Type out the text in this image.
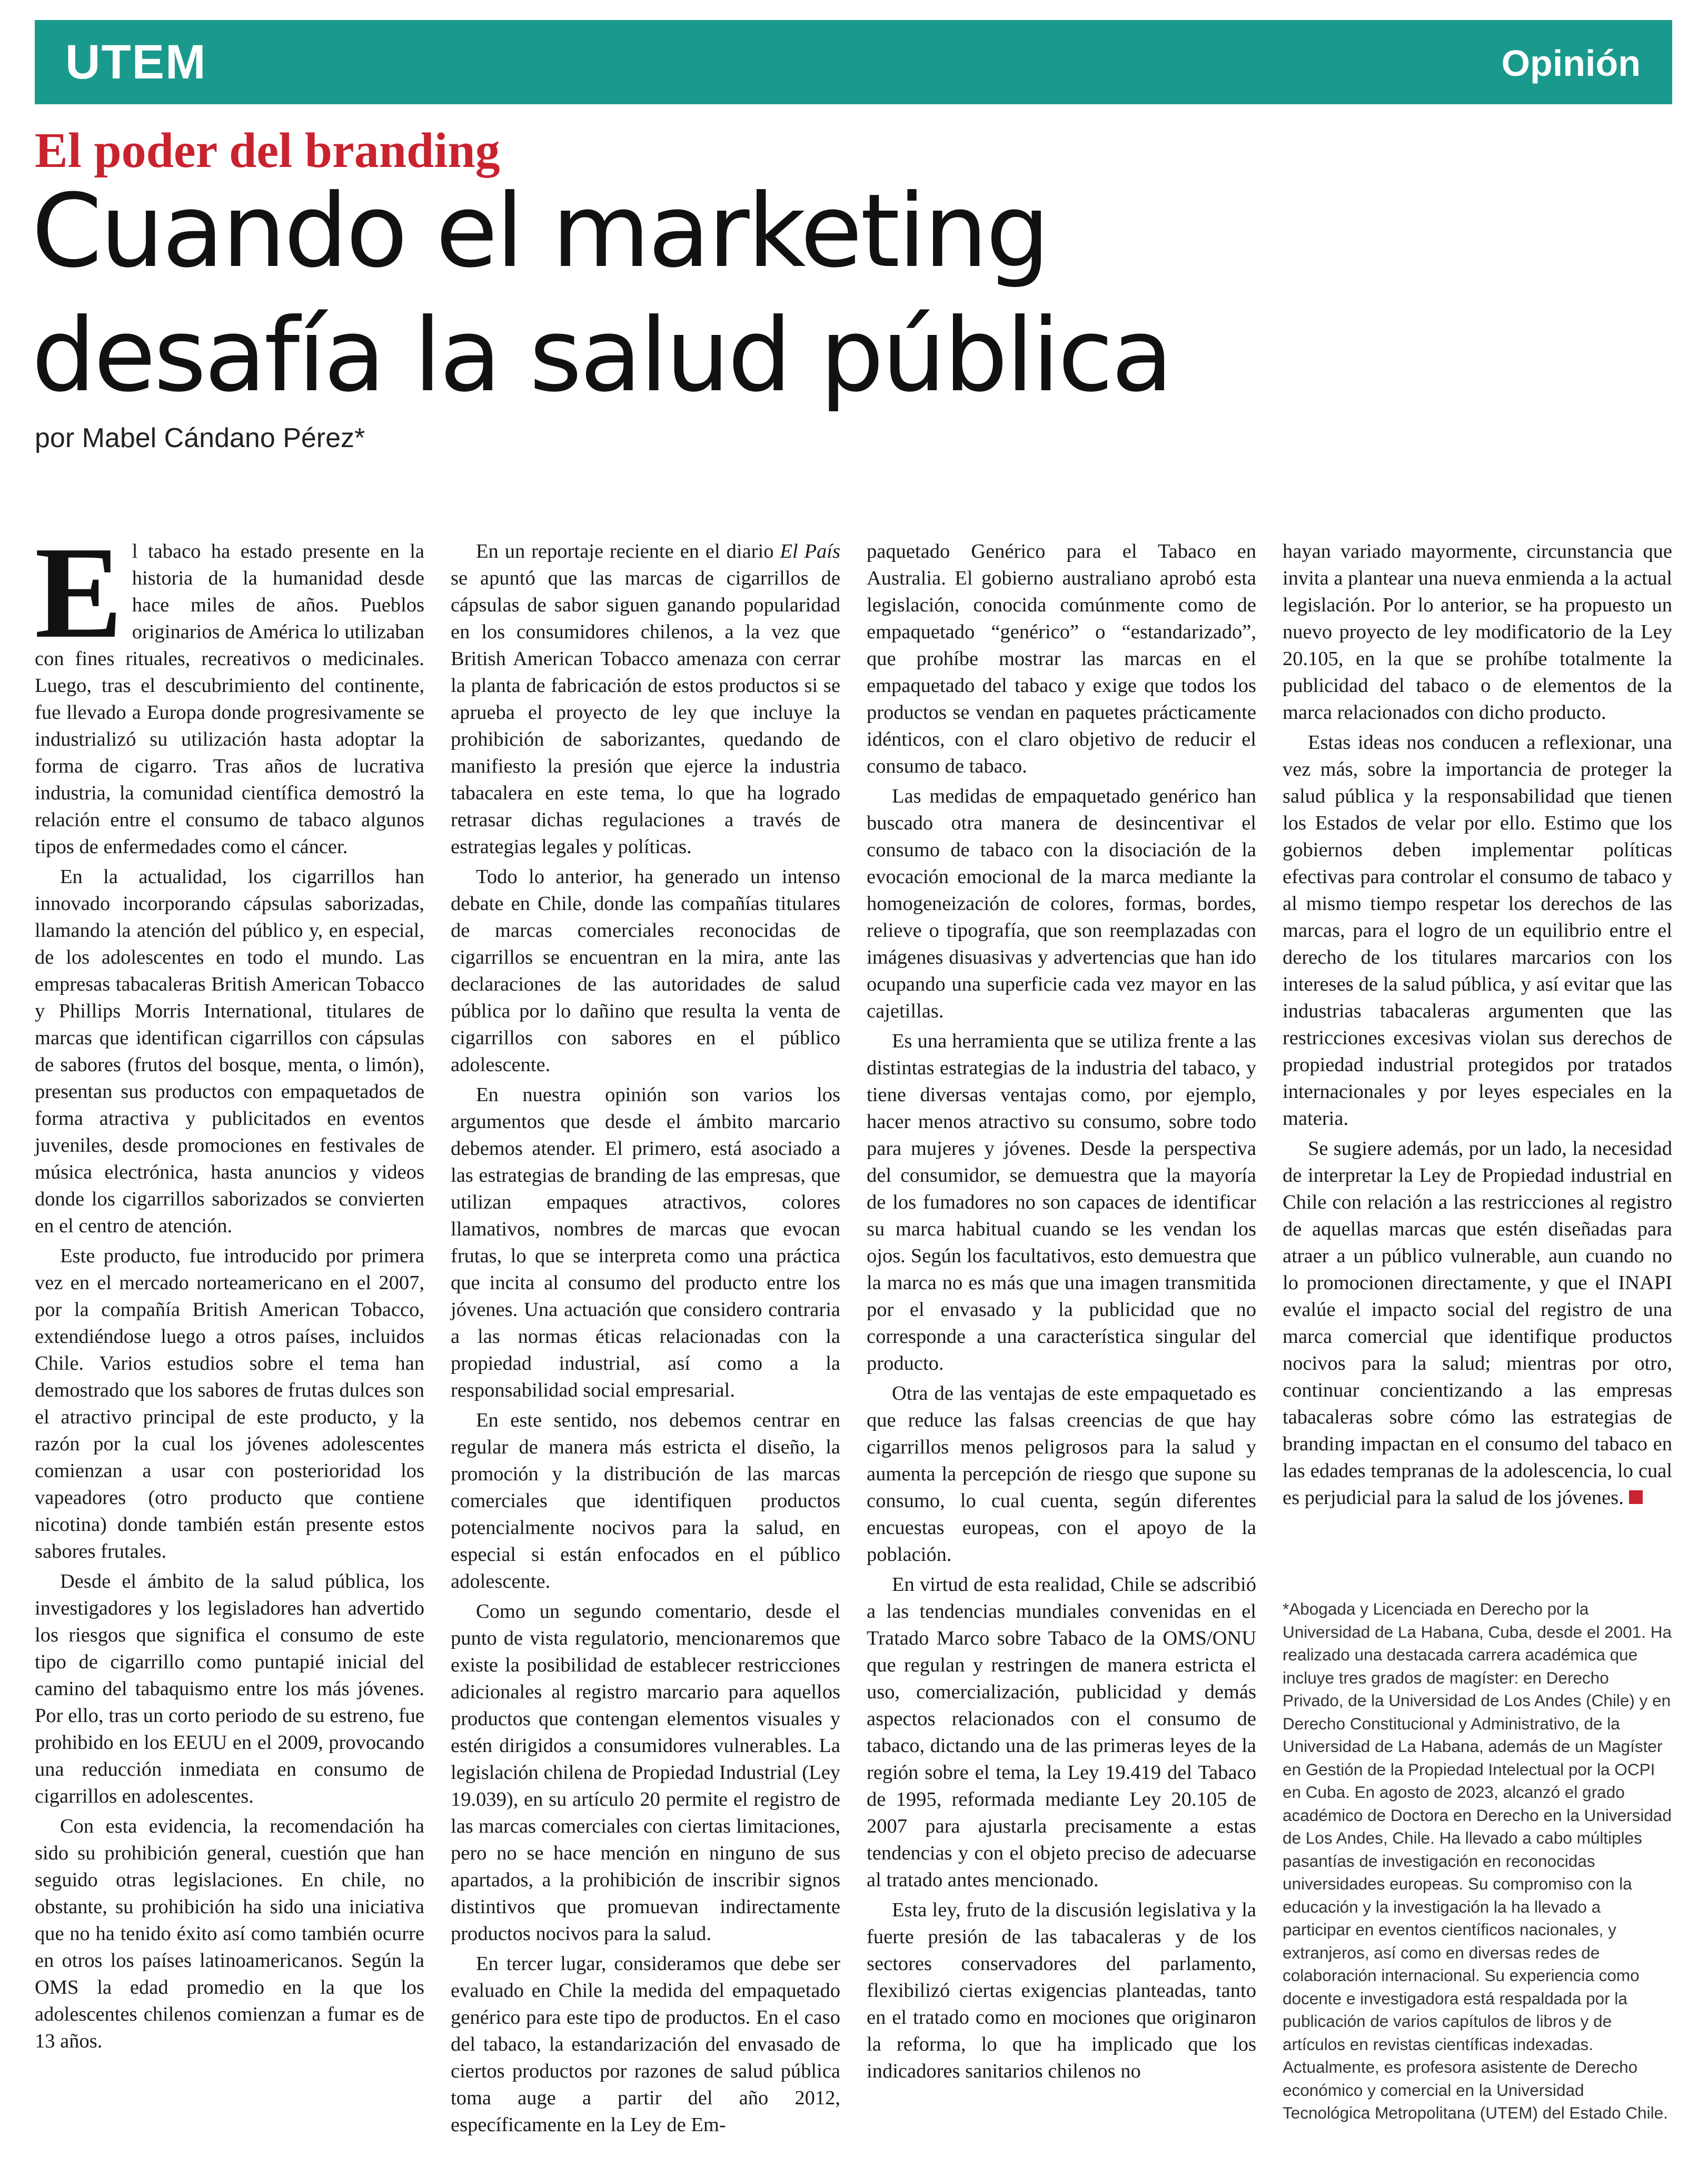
UTEM	Opinión
El poder del branding
Cuando el marketing desafía la salud pública
por Mabel Cándano Pérez*

El tabaco ha estado presente en la historia de la humanidad desde hace miles de años. Pueblos originarios de América lo utilizaban con fines rituales, recreativos o medicinales. Luego, tras el descubrimiento del continente, fue llevado a Europa donde progresivamente se industrializó su utilización hasta adoptar la forma de cigarro. Tras años de lucrativa industria, la comunidad científica demostró la relación entre el consumo de tabaco algunos tipos de enfermedades como el cáncer.

En la actualidad, los cigarrillos han innovado incorporando cápsulas saborizadas, llamando la atención del público y, en especial, de los adolescentes en todo el mundo. Las empresas tabacaleras British American Tobacco y Phillips Morris International, titulares de marcas que identifican cigarrillos con cápsulas de sabores (frutos del bosque, menta, o limón), presentan sus productos con empaquetados de forma atractiva y publicitados en eventos juveniles, desde promociones en festivales de música electrónica, hasta anuncios y videos donde los cigarrillos saborizados se convierten en el centro de atención.

Este producto, fue introducido por primera vez en el mercado norteamericano en el 2007, por la compañía British American Tobacco, extendiéndose luego a otros países, incluidos Chile. Varios estudios sobre el tema han demostrado que los sabores de frutas dulces son el atractivo principal de este producto, y la razón por la cual los jóvenes adolescentes comienzan a usar con posterioridad los vapeadores (otro producto que contiene nicotina) donde también están presente estos sabores frutales.

Desde el ámbito de la salud pública, los investigadores y los legisladores han advertido los riesgos que significa el consumo de este tipo de cigarrillo como puntapié inicial del camino del tabaquismo entre los más jóvenes. Por ello, tras un corto periodo de su estreno, fue prohibido en los EEUU en el 2009, provocando una reducción inmediata en consumo de cigarrillos en adolescentes.

Con esta evidencia, la recomendación ha sido su prohibición general, cuestión que han seguido otras legislaciones. En chile, no obstante, su prohibición ha sido una iniciativa que no ha tenido éxito así como también ocurre en otros los países latinoamericanos. Según la OMS la edad promedio en la que los adolescentes chilenos comienzan a fumar es de 13 años.

En un reportaje reciente en el diario El País se apuntó que las marcas de cigarrillos de cápsulas de sabor siguen ganando popularidad en los consumidores chilenos, a la vez que British American Tobacco amenaza con cerrar la planta de fabricación de estos productos si se aprueba el proyecto de ley que incluye la prohibición de saborizantes, quedando de manifiesto la presión que ejerce la industria tabacalera en este tema, lo que ha logrado retrasar dichas regulaciones a través de estrategias legales y políticas.

Todo lo anterior, ha generado un intenso debate en Chile, donde las compañías titulares de marcas comerciales reconocidas de cigarrillos se encuentran en la mira, ante las declaraciones de las autoridades de salud pública por lo dañino que resulta la venta de cigarrillos con sabores en el público adolescente.

En nuestra opinión son varios los argumentos que desde el ámbito marcario debemos atender. El primero, está asociado a las estrategias de branding de las empresas, que utilizan empaques atractivos, colores llamativos, nombres de marcas que evocan frutas, lo que se interpreta como una práctica que incita al consumo del producto entre los jóvenes. Una actuación que considero contraria a las normas éticas relacionadas con la propiedad industrial, así como a la responsabilidad social empresarial.

En este sentido, nos debemos centrar en regular de manera más estricta el diseño, la promoción y la distribución de las marcas comerciales que identifiquen productos potencialmente nocivos para la salud, en especial si están enfocados en el público adolescente.

Como un segundo comentario, desde el punto de vista regulatorio, mencionaremos que existe la posibilidad de establecer restricciones adicionales al registro marcario para aquellos productos que contengan elementos visuales y estén dirigidos a consumidores vulnerables. La legislación chilena de Propiedad Industrial (Ley 19.039), en su artículo 20 permite el registro de las marcas comerciales con ciertas limitaciones, pero no se hace mención en ninguno de sus apartados, a la prohibición de inscribir signos distintivos que promuevan indirectamente productos nocivos para la salud.

En tercer lugar, consideramos que debe ser evaluado en Chile la medida del empaquetado genérico para este tipo de productos. En el caso del tabaco, la estandarización del envasado de ciertos productos por razones de salud pública toma auge a partir del año 2012, específicamente en la Ley de Em-

paquetado Genérico para el Tabaco en Australia. El gobierno australiano aprobó esta legislación, conocida comúnmente como de empaquetado “genérico” o “estandarizado”, que prohíbe mostrar las marcas en el empaquetado del tabaco y exige que todos los productos se vendan en paquetes prácticamente idénticos, con el claro objetivo de reducir el consumo de tabaco.

Las medidas de empaquetado genérico han buscado otra manera de desincentivar el consumo de tabaco con la disociación de la evocación emocional de la marca mediante la homogeneización de colores, formas, bordes, relieve o tipografía, que son reemplazadas con imágenes disuasivas y advertencias que han ido ocupando una superficie cada vez mayor en las cajetillas.

Es una herramienta que se utiliza frente a las distintas estrategias de la industria del tabaco, y tiene diversas ventajas como, por ejemplo, hacer menos atractivo su consumo, sobre todo para mujeres y jóvenes. Desde la perspectiva del consumidor, se demuestra que la mayoría de los fumadores no son capaces de identificar su marca habitual cuando se les vendan los ojos. Según los facultativos, esto demuestra que la marca no es más que una imagen transmitida por el envasado y la publicidad que no corresponde a una característica singular del producto.

Otra de las ventajas de este empaquetado es que reduce las falsas creencias de que hay cigarrillos menos peligrosos para la salud y aumenta la percepción de riesgo que supone su consumo, lo cual cuenta, según diferentes encuestas europeas, con el apoyo de la población.

En virtud de esta realidad, Chile se adscribió a las tendencias mundiales convenidas en el Tratado Marco sobre Tabaco de la OMS/ONU que regulan y restringen de manera estricta el uso, comercialización, publicidad y demás aspectos relacionados con el consumo de tabaco, dictando una de las primeras leyes de la región sobre el tema, la Ley 19.419 del Tabaco de 1995, reformada mediante Ley 20.105 de 2007 para ajustarla precisamente a estas tendencias y con el objeto preciso de adecuarse al tratado antes mencionado.

Esta ley, fruto de la discusión legislativa y la fuerte presión de las tabacaleras y de los sectores conservadores del parlamento, flexibilizó ciertas exigencias planteadas, tanto en el tratado como en mociones que originaron la reforma, lo que ha implicado que los indicadores sanitarios chilenos no

hayan variado mayormente, circunstancia que invita a plantear una nueva enmienda a la actual legislación. Por lo anterior, se ha propuesto un nuevo proyecto de ley modificatorio de la Ley 20.105, en la que se prohíbe totalmente la publicidad del tabaco o de elementos de la marca relacionados con dicho producto.

Estas ideas nos conducen a reflexionar, una vez más, sobre la importancia de proteger la salud pública y la responsabilidad que tienen los Estados de velar por ello. Estimo que los gobiernos deben implementar políticas efectivas para controlar el consumo de tabaco y al mismo tiempo respetar los derechos de las marcas, para el logro de un equilibrio entre el derecho de los titulares marcarios con los intereses de la salud pública, y así evitar que las industrias tabacaleras argumenten que las restricciones excesivas violan sus derechos de propiedad industrial protegidos por tratados internacionales y por leyes especiales en la materia.

Se sugiere además, por un lado, la necesidad de interpretar la Ley de Propiedad industrial en Chile con relación a las restricciones al registro de aquellas marcas que estén diseñadas para atraer a un público vulnerable, aun cuando no lo promocionen directamente, y que el INAPI evalúe el impacto social del registro de una marca comercial que identifique productos nocivos para la salud; mientras por otro, continuar concientizando a las empresas tabacaleras sobre cómo las estrategias de branding impactan en el consumo del tabaco en las edades tempranas de la adolescencia, lo cual es perjudicial para la salud de los jóvenes.

*Abogada y Licenciada en Derecho por la Universidad de La Habana, Cuba, desde el 2001. Ha realizado una destacada carrera académica que incluye tres grados de magíster: en Derecho Privado, de la Universidad de Los Andes (Chile) y en Derecho Constitucional y Administrativo, de la Universidad de La Habana, además de un Magíster en Gestión de la Propiedad Intelectual por la OCPI en Cuba. En agosto de 2023, alcanzó el grado académico de Doctora en Derecho en la Universidad de Los Andes, Chile. Ha llevado a cabo múltiples pasantías de investigación en reconocidas universidades europeas. Su compromiso con la educación y la investigación la ha llevado a participar en eventos científicos nacionales, y extranjeros, así como en diversas redes de colaboración internacional. Su experiencia como docente e investigadora está respaldada por la publicación de varios capítulos de libros y de artículos en revistas científicas indexadas. Actualmente, es profesora asistente de Derecho económico y comercial en la Universidad Tecnológica Metropolitana (UTEM) del Estado Chile.
